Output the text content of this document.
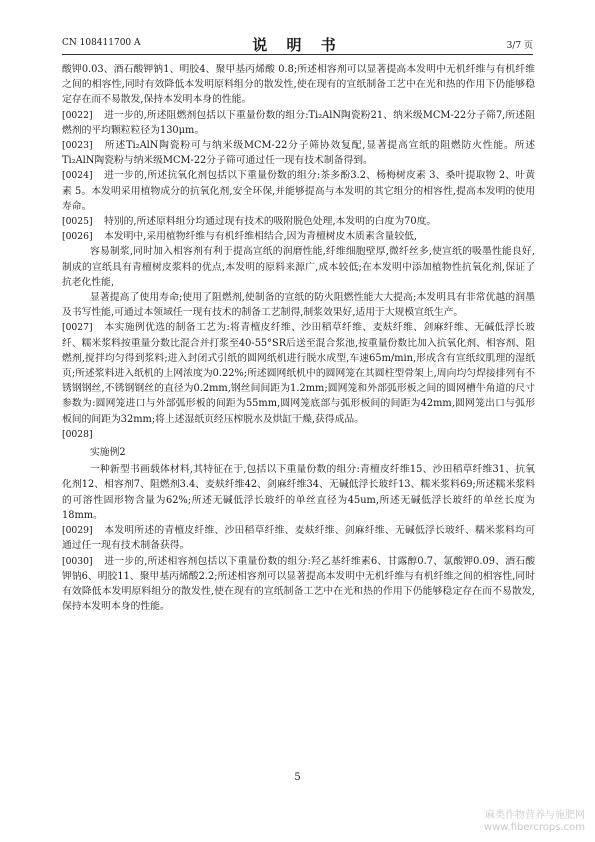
CN 108411700 A	说 明 书	3/7 页

酸钾0.03、酒石酸钾钠1、明胶4、聚甲基丙烯酸 0.8;所述相容剂可以显著提高本发明中无机纤维与有机纤维之间的相容性,同时有效降低本发明原料组分的散发性,使在现有的宣纸制备工艺中在光和热的作用下仍能够稳定存在而不易散发,保持本发明本身的性能。

[0022] 进一步的,所述阻燃剂包括以下重量份数的组分:Ti₂AlN陶瓷粉21、纳米级MCM-22分子筛7,所述阻燃剂的平均颗粒粒径为130μm。

[0023] 所述Ti₂AlN陶瓷粉可与纳米级MCM-22分子筛协效复配,显著提高宣纸的阻燃防火性能。所述Ti₂AlN陶瓷粉与纳米级MCM-22分子筛可通过任一现有技术制备得到。

[0024] 进一步的,所述抗氧化剂包括以下重量份数的组分:茶多酚3.2、杨梅树皮素 3、桑叶提取物 2、叶黄素 5。本发明采用植物成分的抗氧化剂,安全环保,并能够提高与本发明的其它组分的相容性,提高本发明的使用寿命。

[0025] 特别的,所述原料组分均通过现有技术的吸附脱色处理,本发明的白度为70度。

[0026] 本发明中,采用植物纤维与有机纤维相结合,因为青檀树皮木质素含量较低,

容易制浆,同时加入相容剂有利于提高宣纸的润磨性能,纤维细胞壁厚,微纤丝多,使宣纸的吸墨性能良好,制成的宣纸具有青檀树皮浆料的优点,本发明的原料来源广,成本较低;在本发明中添加植物性抗氧化剂,保证了抗老化性能,

显著提高了使用寿命;使用了阻燃剂,使制备的宣纸的防火阻燃性能大大提高;本发明具有非常优越的润墨及书写性能,可通过本领域任一现有技术的制备工艺制得,制浆效果好,适用于大规模宣纸生产。

[0027] 本实施例优选的制备工艺为:将青檀皮纤维、沙田稻草纤维、麦麸纤维、剑麻纤维、无碱低浮长玻纤、糯米浆料按重量分数比混合并打浆至40-55°SR后送至混合浆池,按重量份数比加入抗氧化剂、相容剂、阻燃剂,搅拌均匀得到浆料;进入封闭式引纸的圆网纸机进行脱水成型,车速65m/min,形成含有宣纸纹肌理的湿纸页;所述浆料进入纸机的上网浓度为0.22%;所述圆网纸机中的圆网笼在其圆柱型骨架上,周向均匀焊接排列有不锈钢钢丝,不锈钢钢丝的直径为0.2mm,钢丝间间距为1.2mm;圆网笼和外部弧形板之间的圆网槽牛角道的尺寸参数为:圆网笼进口与外部弧形板的间距为55mm,圆网笼底部与弧形板间的间距为42mm,圆网笼出口与弧形板间的间距为32mm;将上述湿纸页经压榨脱水及烘缸干燥,获得成品。

[0028]

实施例2

一种新型书画载体材料,其特征在于,包括以下重量份数的组分:青檀皮纤维15、沙田稻草纤维31、抗氧化剂12、相容剂7、阻燃剂3.4、麦麸纤维42、剑麻纤维34、无碱低浮长玻纤13、糯米浆料69;所述糯米浆料的可溶性固形物含量为62%;所述无碱低浮长玻纤的单丝直径为45um,所述无碱低浮长玻纤的单丝长度为18mm。

[0029] 本发明所述的青檀皮纤维、沙田稻草纤维、麦麸纤维、剑麻纤维、无碱低浮长玻纤、糯米浆料均可通过任一现有技术制备获得。

[0030] 进一步的,所述相容剂包括以下重量份数的组分:羟乙基纤维素6、甘露醇0.7、氯酸钾0.09、酒石酸钾钠6、明胶11、聚甲基丙烯酸2.2;所述相容剂可以显著提高本发明中无机纤维与有机纤维之间的相容性,同时有效降低本发明原料组分的散发性,使在现有的宣纸制备工艺中在光和热的作用下仍能够稳定存在而不易散发,保持本发明本身的性能。

5
麻类作物营养与施肥网
www.fibercrops.com
